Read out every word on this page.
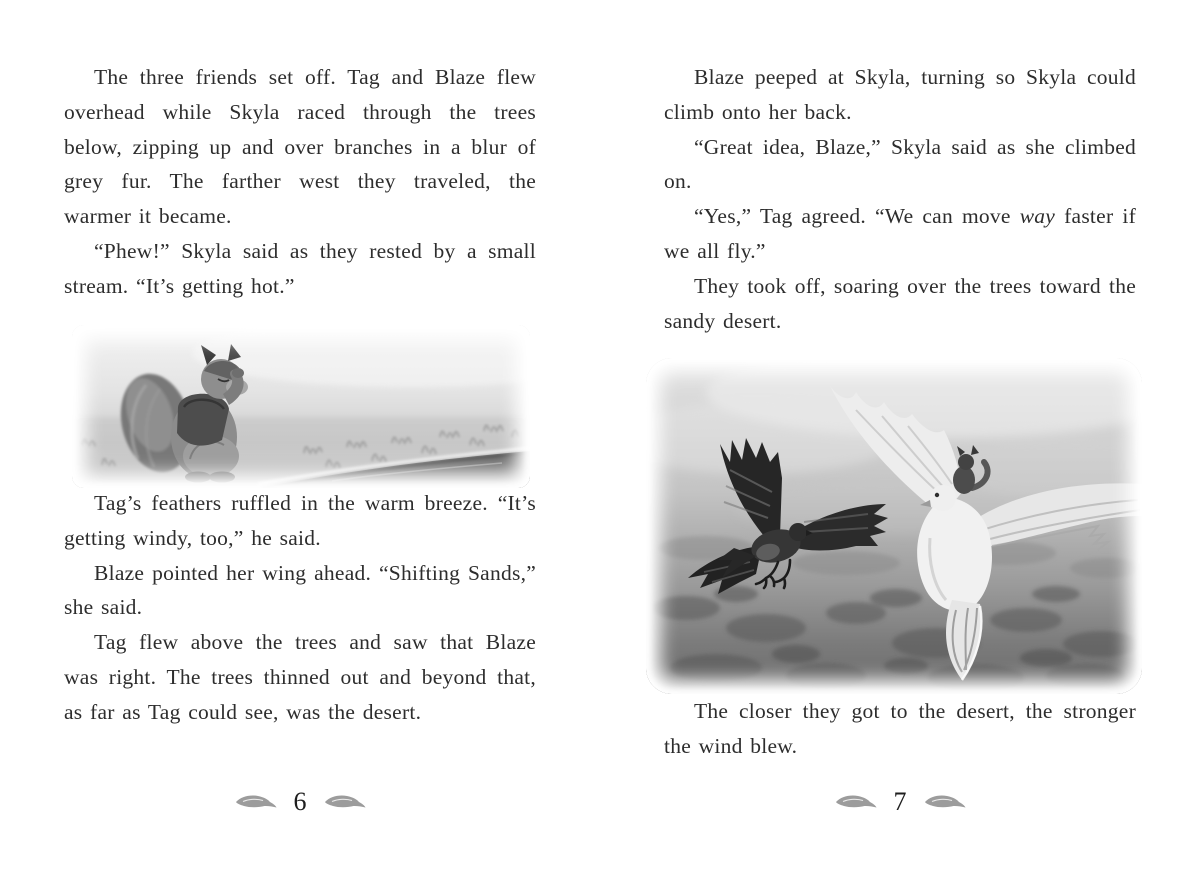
The three friends set off. Tag and Blaze flew overhead while Skyla raced through the trees below, zipping up and over branches in a blur of grey fur. The farther west they traveled, the warmer it became.

“Phew!” Skyla said as they rested by a small stream. “It’s getting hot.”

Tag’s feathers ruffled in the warm breeze. “It’s getting windy, too,” he said.

Blaze pointed her wing ahead. “Shifting Sands,” she said.

Tag flew above the trees and saw that Blaze was right. The trees thinned out and beyond that, as far as Tag could see, was the desert.

6

Blaze peeped at Skyla, turning so Skyla could climb onto her back.

“Great idea, Blaze,” Skyla said as she climbed on.

“Yes,” Tag agreed. “We can move way faster if we all fly.”

They took off, soaring over the trees toward the sandy desert.

The closer they got to the desert, the stronger the wind blew.

7
